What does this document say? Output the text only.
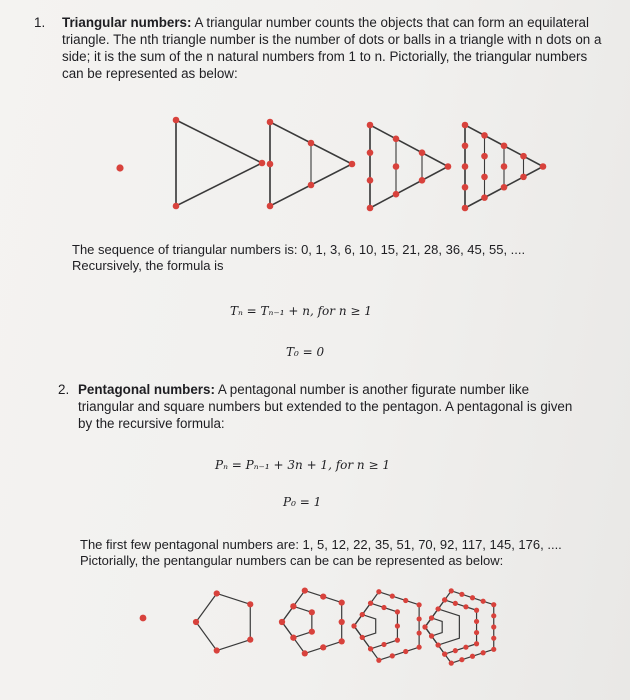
1. Triangular numbers: A triangular number counts the objects that can form an equilateral triangle. The nth triangle number is the number of dots or balls in a triangle with n dots on a side; it is the sum of the n natural numbers from 1 to n. Pictorially, the triangular numbers can be represented as below:
The sequence of triangular numbers is: 0, 1, 3, 6, 10, 15, 21, 28, 36, 45, 55, ....
Recursively, the formula is
Tₙ = Tₙ₋₁ + n, for n ≥ 1
T₀ = 0
2. Pentagonal numbers: A pentagonal number is another figurate number like triangular and square numbers but extended to the pentagon. A pentagonal is given by the recursive formula:
Pₙ = Pₙ₋₁ + 3n + 1, for n ≥ 1
P₀ = 1
The first few pentagonal numbers are: 1, 5, 12, 22, 35, 51, 70, 92, 117, 145, 176, ....
Pictorially, the pentangular numbers can be can be represented as below:
